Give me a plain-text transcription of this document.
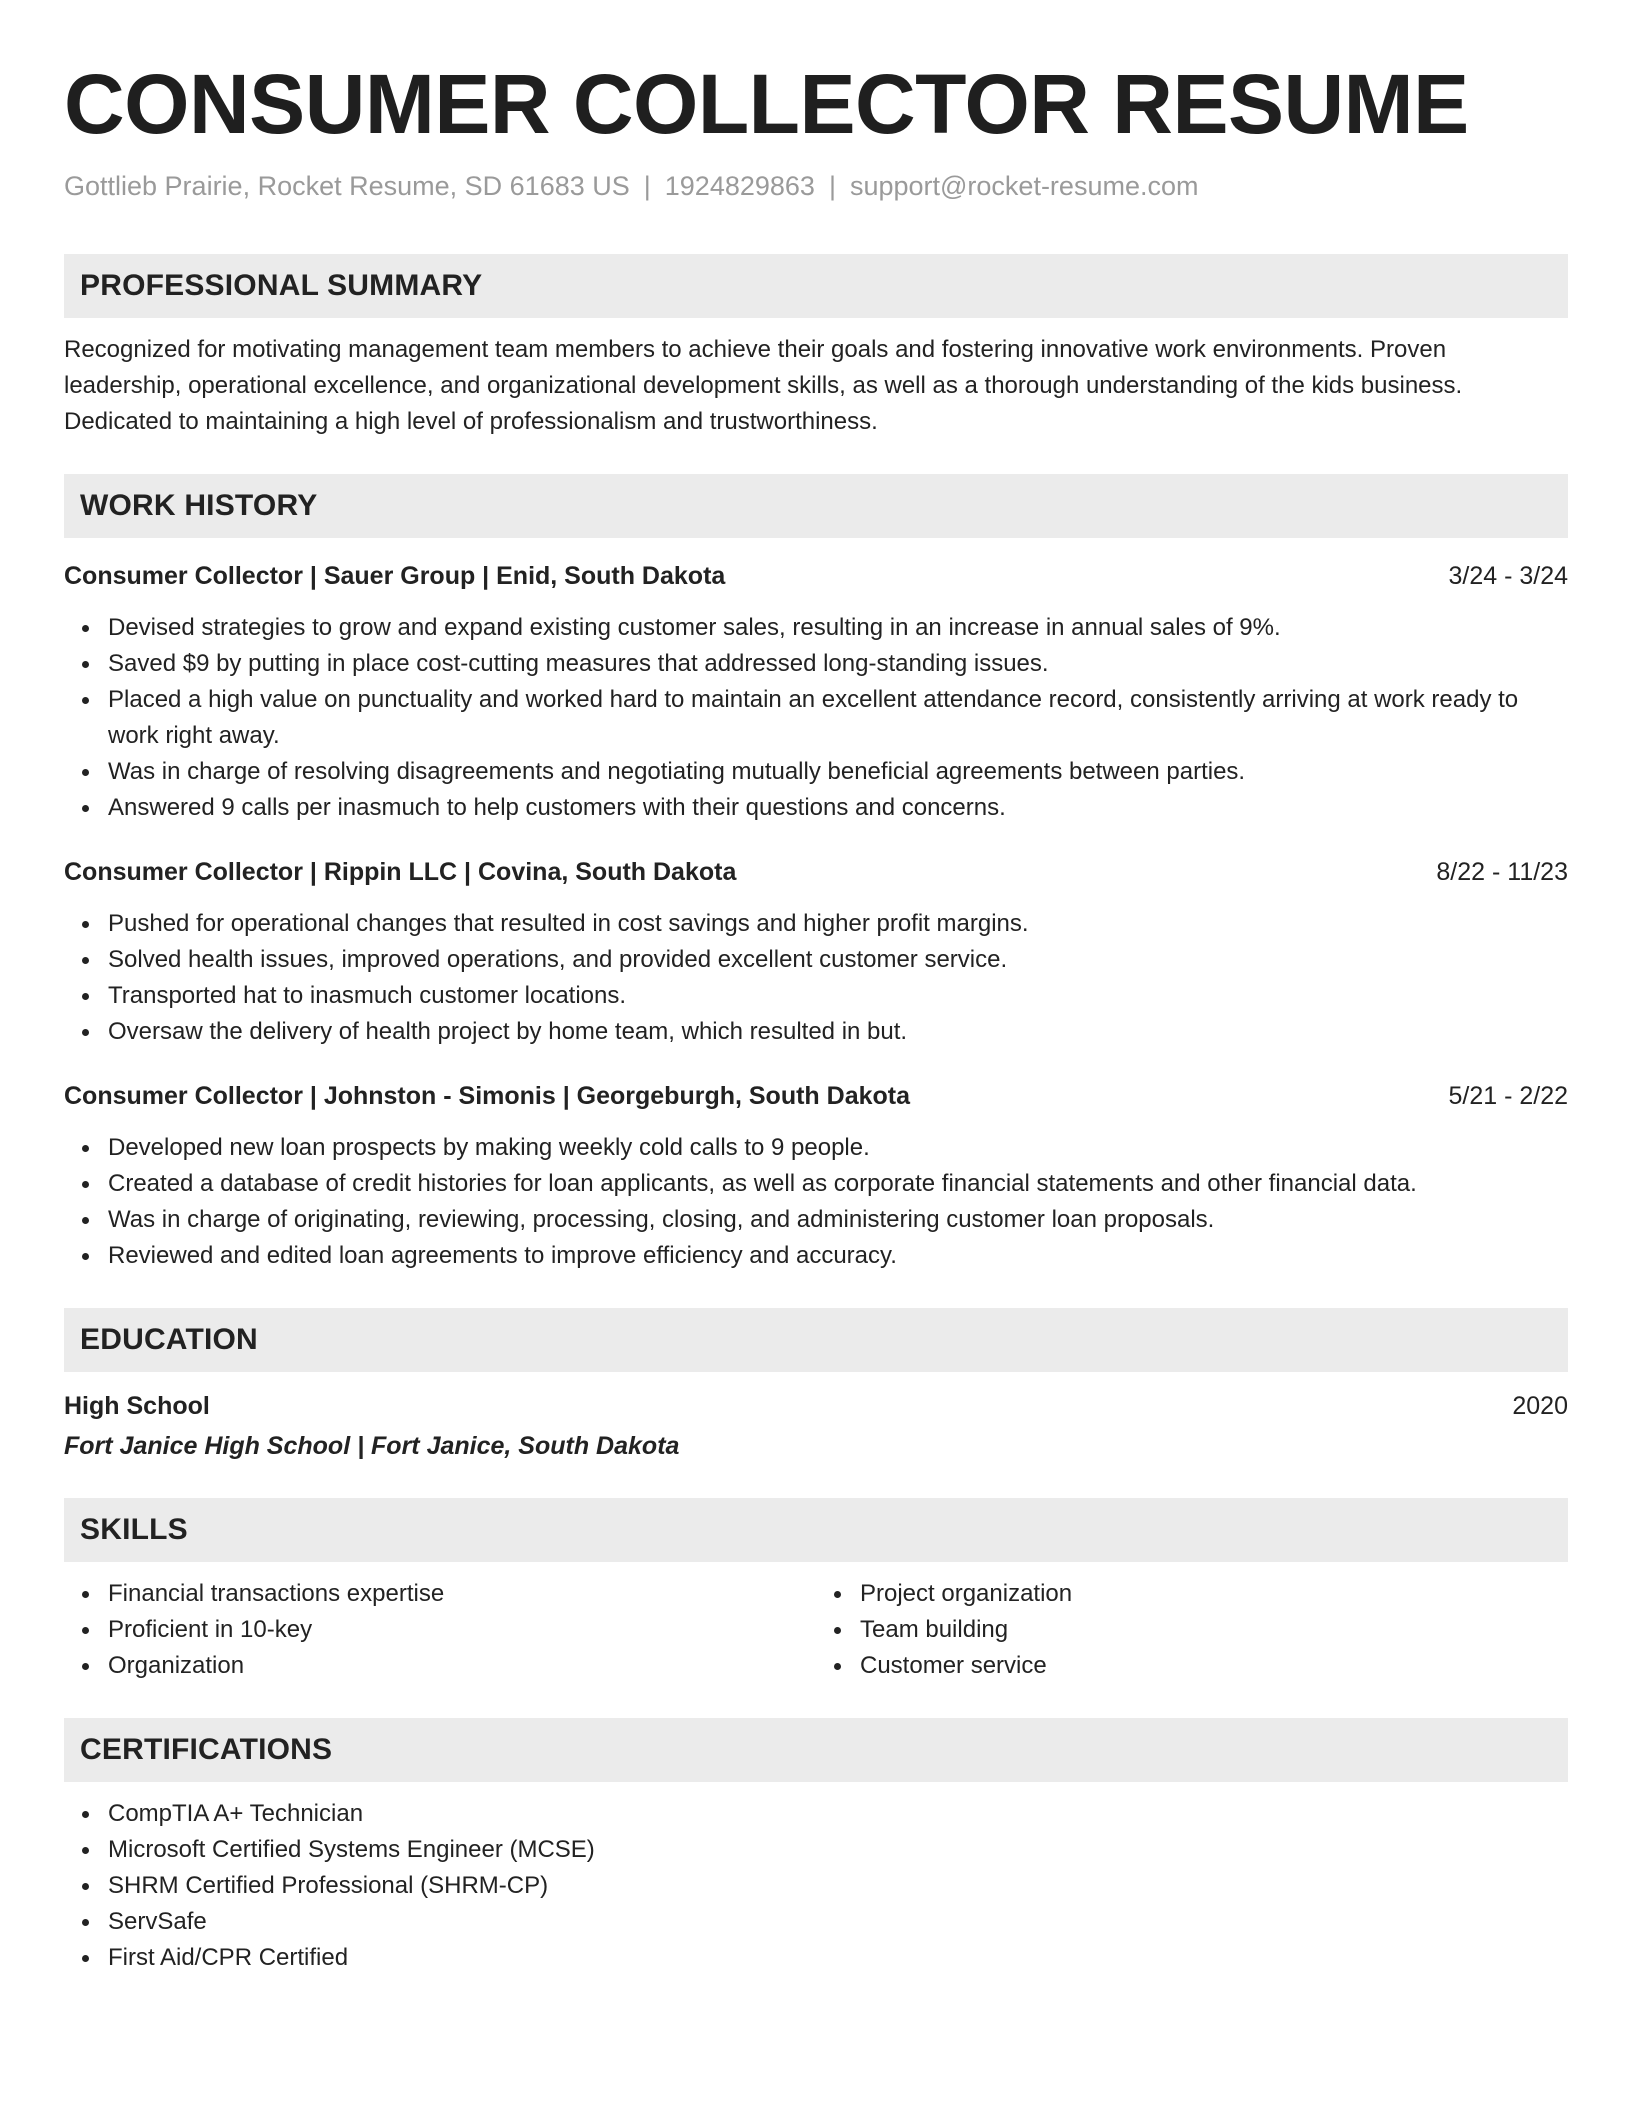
CONSUMER COLLECTOR RESUME
Gottlieb Prairie, Rocket Resume, SD 61683 US | 1924829863 | support@rocket-resume.com
PROFESSIONAL SUMMARY
Recognized for motivating management team members to achieve their goals and fostering innovative work environments. Proven leadership, operational excellence, and organizational development skills, as well as a thorough understanding of the kids business. Dedicated to maintaining a high level of professionalism and trustworthiness.
WORK HISTORY
Consumer Collector | Sauer Group | Enid, South Dakota	3/24 - 3/24
Devised strategies to grow and expand existing customer sales, resulting in an increase in annual sales of 9%.
Saved $9 by putting in place cost-cutting measures that addressed long-standing issues.
Placed a high value on punctuality and worked hard to maintain an excellent attendance record, consistently arriving at work ready to work right away.
Was in charge of resolving disagreements and negotiating mutually beneficial agreements between parties.
Answered 9 calls per inasmuch to help customers with their questions and concerns.
Consumer Collector | Rippin LLC | Covina, South Dakota	8/22 - 11/23
Pushed for operational changes that resulted in cost savings and higher profit margins.
Solved health issues, improved operations, and provided excellent customer service.
Transported hat to inasmuch customer locations.
Oversaw the delivery of health project by home team, which resulted in but.
Consumer Collector | Johnston - Simonis | Georgeburgh, South Dakota	5/21 - 2/22
Developed new loan prospects by making weekly cold calls to 9 people.
Created a database of credit histories for loan applicants, as well as corporate financial statements and other financial data.
Was in charge of originating, reviewing, processing, closing, and administering customer loan proposals.
Reviewed and edited loan agreements to improve efficiency and accuracy.
EDUCATION
High School	2020
Fort Janice High School | Fort Janice, South Dakota
SKILLS
Financial transactions expertise
Proficient in 10-key
Organization
Project organization
Team building
Customer service
CERTIFICATIONS
CompTIA A+ Technician
Microsoft Certified Systems Engineer (MCSE)
SHRM Certified Professional (SHRM-CP)
ServSafe
First Aid/CPR Certified
